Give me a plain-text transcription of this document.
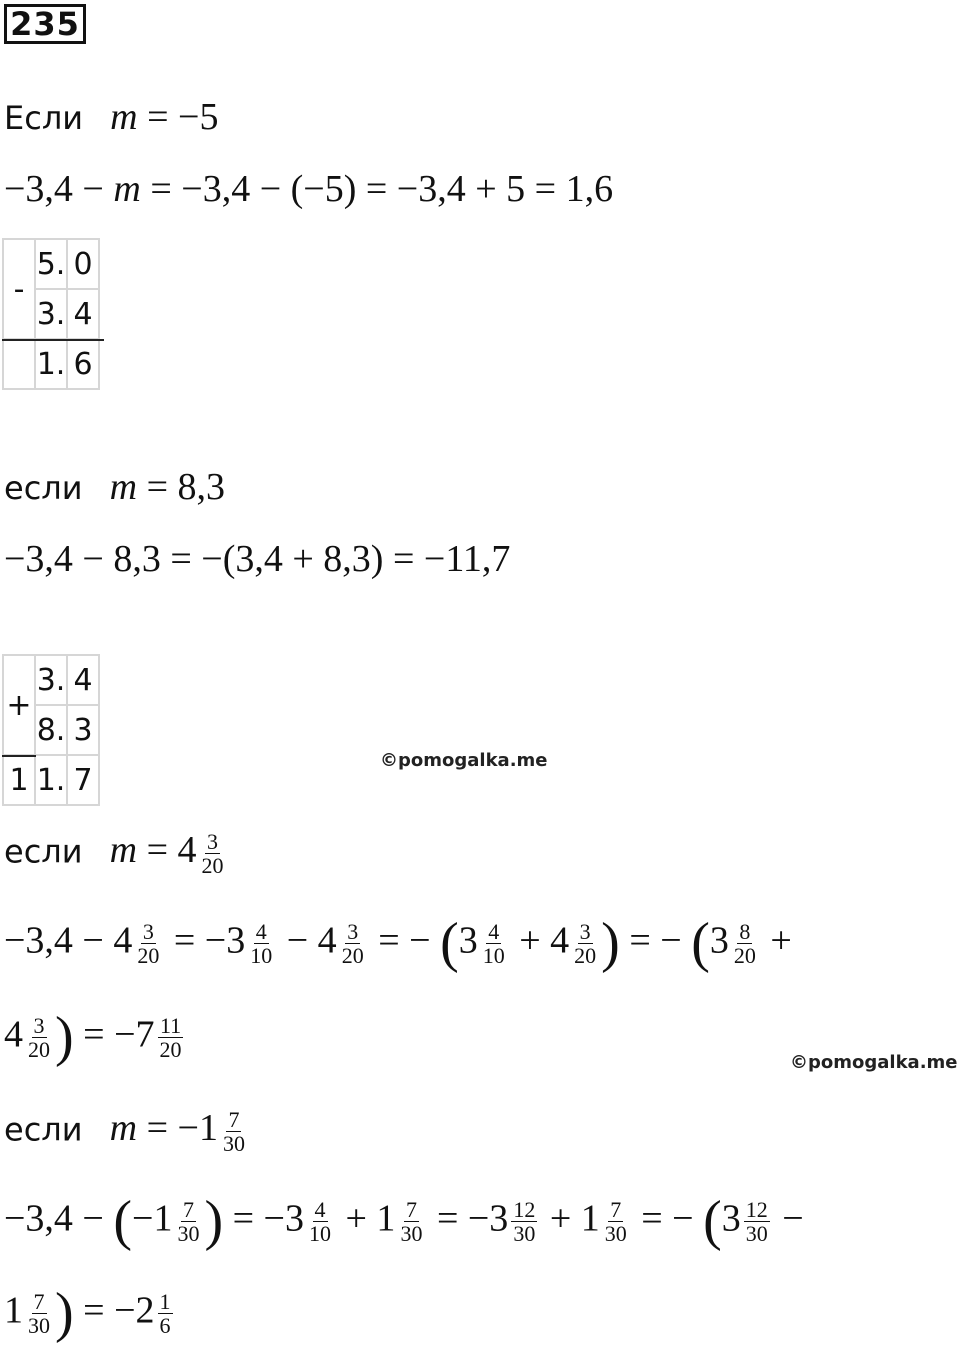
235
Если m = −5
−3,4 − m = −3,4 − (−5) = −3,4 + 5 = 1,6
-	5.	0
	3.	4
	1.	6
если m = 8,3
−3,4 − 8,3 = −(3,4 + 8,3) = −11,7
+	3.	4
	8.	3
1	1.	7
©pomogalka.me
если $m = 4 \frac{3}{20}$
$-3,4 - 4 \frac{3}{20} = -3 \frac{4}{10} - 4 \frac{3}{20}$ = − ($3 \frac{4}{10} + 4 \frac{3}{20}$ ) = − ($3 \frac{8}{20}$ +
$4 \frac{3}{20}$ ) = $-7 \frac{11}{20}$
©pomogalka.me
если $m = -1 \frac{7}{30}$
$-3,4 - (-1 \frac{7}{30}$ ) = $-3 \frac{4}{10} + 1 \frac{7}{30} = -3 \frac{12}{30} + 1 \frac{7}{30}$ = − ($3 \frac{12}{30}$ −
$1 \frac{7}{30}$ ) = $-2 \frac{1}{6}$
